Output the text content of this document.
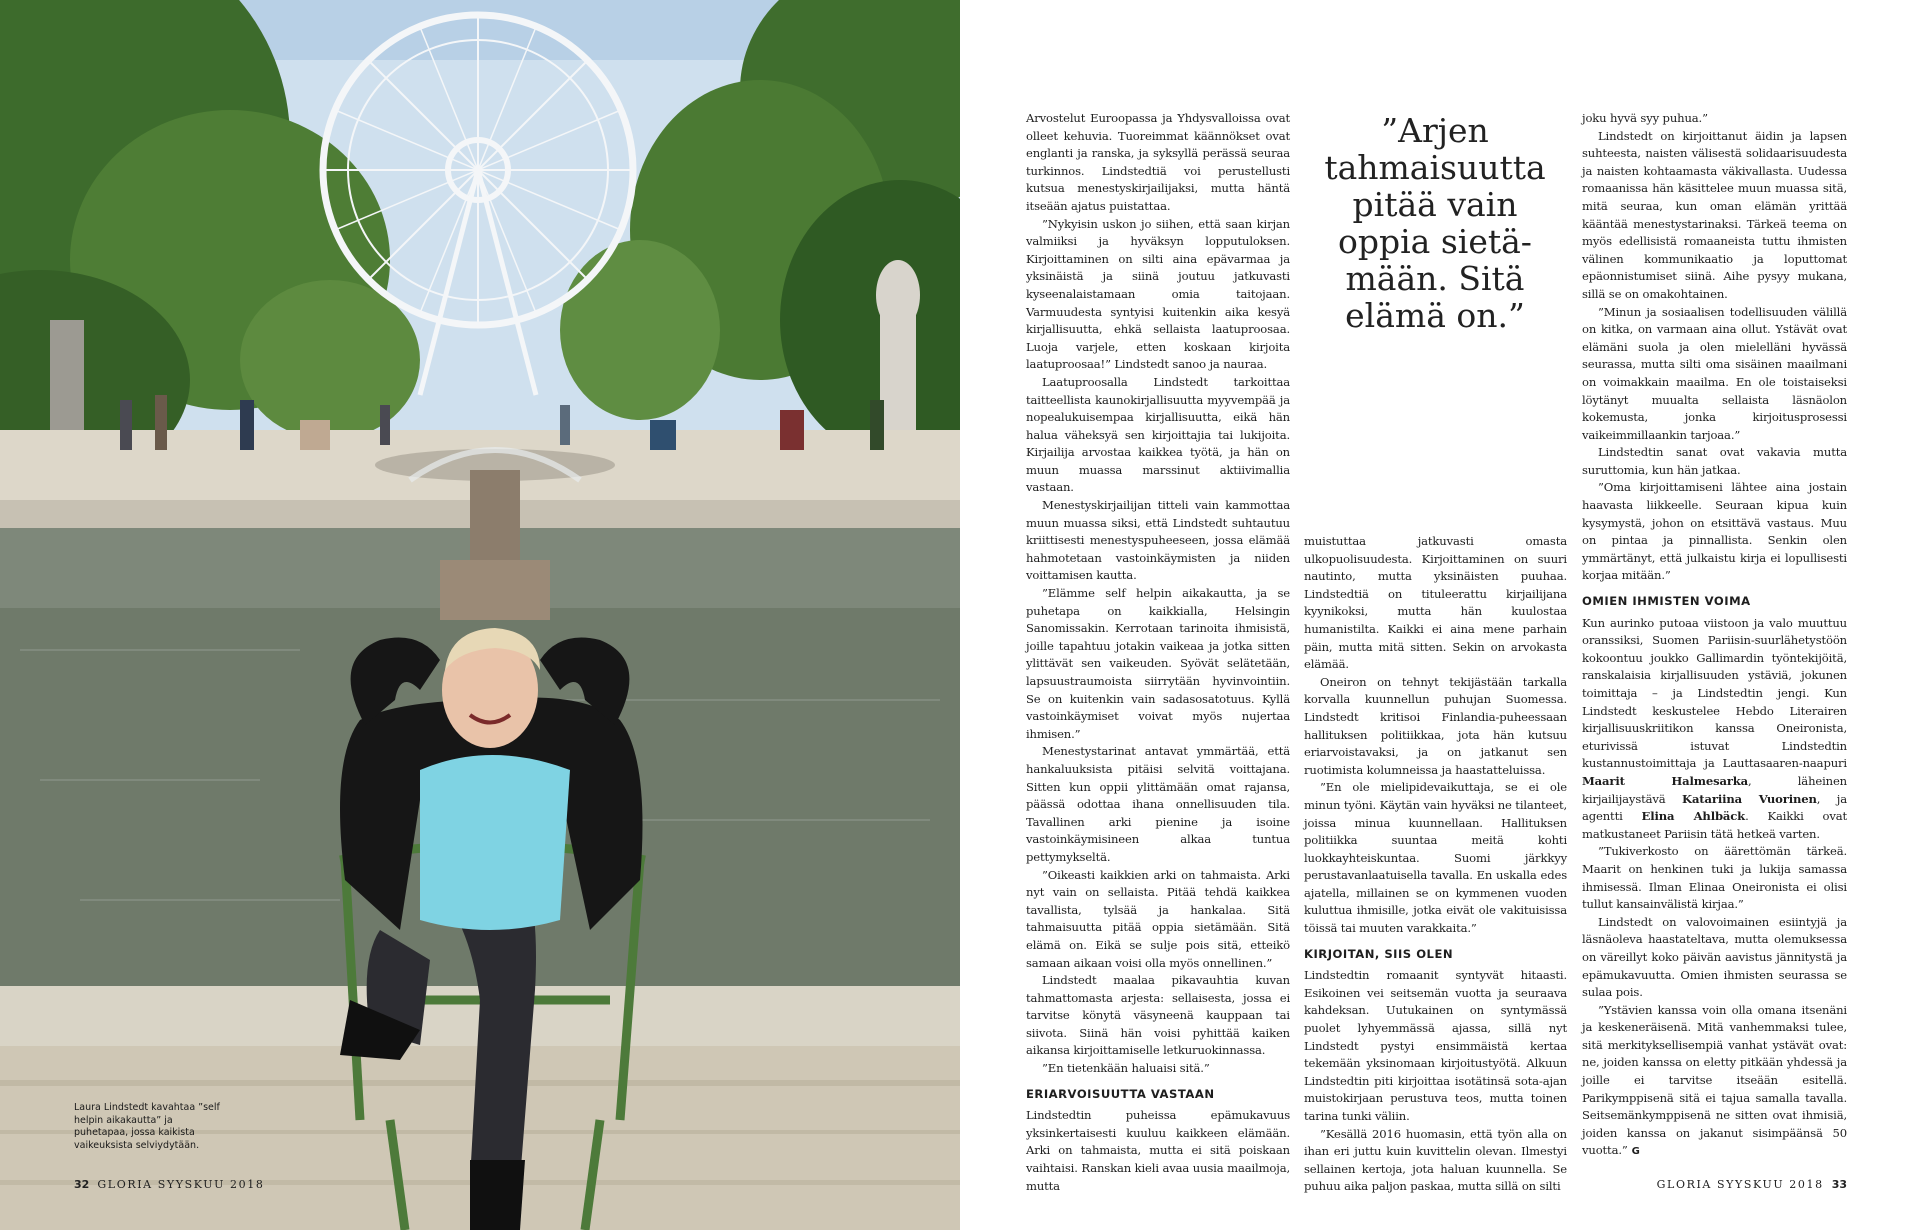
Laura Lindstedt kavahtaa ”self helpin aikakautta” ja puhetapaa, jossa kaikista vaikeuksista selviydytään.
32 GLORIA SYYSKUU 2018

Arvostelut Euroopassa ja Yhdysvalloissa ovat olleet kehuvia. Tuoreimmat käännökset ovat englanti ja ranska, ja syksyllä perässä seuraa turkinnos. Lindstedtiä voi perustellusti kutsua menestyskirjailijaksi, mutta häntä itseään ajatus puistattaa.

”Nykyisin uskon jo siihen, että saan kirjan valmiiksi ja hyväksyn lopputuloksen. Kirjoittaminen on silti aina epävarmaa ja yksinäistä ja siinä joutuu jatkuvasti kyseenalaistamaan omia taitojaan. Varmuudesta syntyisi kuitenkin aika kesyä kirjallisuutta, ehkä sellaista laatuproosaa. Luoja varjele, etten koskaan kirjoita laatuproosaa!” Lindstedt sanoo ja nauraa.

Laatuproosalla Lindstedt tarkoittaa taitteellista kaunokirjallisuutta myyvempää ja nopealukuisempaa kirjallisuutta, eikä hän halua väheksyä sen kirjoittajia tai lukijoita. Kirjailija arvostaa kaikkea työtä, ja hän on muun muassa marssinut aktiivimallia vastaan.

Menestyskirjailijan titteli vain kammottaa muun muassa siksi, että Lindstedt suhtautuu kriittisesti menestyspuheeseen, jossa elämää hahmotetaan vastoinkäymisten ja niiden voittamisen kautta.

”Elämme self helpin aikakautta, ja se puhetapa on kaikkialla, Helsingin Sanomissakin. Kerrotaan tarinoita ihmisistä, joille tapahtuu jotakin vaikeaa ja jotka sitten ylittävät sen vaikeuden. Syövät selätetään, lapsuustraumoista siirrytään hyvinvointiin. Se on kuitenkin vain sadasosatotuus. Kyllä vastoinkäymiset voivat myös nujertaa ihmisen.”

Menestystarinat antavat ymmärtää, että hankaluuksista pitäisi selvitä voittajana. Sitten kun oppii ylittämään omat rajansa, päässä odottaa ihana onnellisuuden tila. Tavallinen arki pienine ja isoine vastoinkäymisineen alkaa tuntua pettymykseltä.

”Oikeasti kaikkien arki on tahmaista. Arki nyt vain on sellaista. Pitää tehdä kaikkea tavallista, tylsää ja hankalaa. Sitä tahmaisuutta pitää oppia sietämään. Sitä elämä on. Eikä se sulje pois sitä, etteikö samaan aikaan voisi olla myös onnellinen.”

Lindstedt maalaa pikavauhtia kuvan tahmattomasta arjesta: sellaisesta, jossa ei tarvitse könytä väsyneenä kauppaan tai siivota. Siinä hän voisi pyhittää kaiken aikansa kirjoittamiselle letkuruokinnassa.

”En tietenkään haluaisi sitä.”

ERIARVOISUUTTA VASTAAN

Lindstedtin puheissa epämukavuus yksinkertaisesti kuuluu kaikkeen elämään. Arki on tahmaista, mutta ei sitä poiskaan vaihtaisi. Ranskan kieli avaa uusia maailmoja, mutta

”Arjen tahmaisuutta pitää vain oppia sietä-mään. Sitä elämä on.”

muistuttaa jatkuvasti omasta ulkopuolisuudesta. Kirjoittaminen on suuri nautinto, mutta yksinäisten puuhaa. Lindstedtiä on tituleerattu kirjailijana kyynikoksi, mutta hän kuulostaa humanistilta. Kaikki ei aina mene parhain päin, mutta mitä sitten. Sekin on arvokasta elämää.

Oneiron on tehnyt tekijästään tarkalla korvalla kuunnellun puhujan Suomessa. Lindstedt kritisoi Finlandia-puheessaan hallituksen politiikkaa, jota hän kutsuu eriarvoistavaksi, ja on jatkanut sen ruotimista kolumneissa ja haastatteluissa.

”En ole mielipidevaikuttaja, se ei ole minun työni. Käytän vain hyväksi ne tilanteet, joissa minua kuunnellaan. Hallituksen politiikka suuntaa meitä kohti luokkayhteiskuntaa. Suomi järkkyy perustavanlaatuisella tavalla. En uskalla edes ajatella, millainen se on kymmenen vuoden kuluttua ihmisille, jotka eivät ole vakituisissa töissä tai muuten varakkaita.”

KIRJOITAN, SIIS OLEN

Lindstedtin romaanit syntyvät hitaasti. Esikoinen vei seitsemän vuotta ja seuraava kahdeksan. Uutukainen on syntymässä puolet lyhyemmässä ajassa, sillä nyt Lindstedt pystyi ensimmäistä kertaa tekemään yksinomaan kirjoitustyötä. Alkuun Lindstedtin piti kirjoittaa isotätinsä sota-ajan muistokirjaan perustuva teos, mutta toinen tarina tunki väliin.

”Kesällä 2016 huomasin, että työn alla on ihan eri juttu kuin kuvittelin olevan. Ilmestyi sellainen kertoja, jota haluan kuunnella. Se puhuu aika paljon paskaa, mutta sillä on silti

joku hyvä syy puhua.”

Lindstedt on kirjoittanut äidin ja lapsen suhteesta, naisten välisestä solidaarisuudesta ja naisten kohtaamasta väkivallasta. Uudessa romaanissa hän käsittelee muun muassa sitä, mitä seuraa, kun oman elämän yrittää kääntää menestystarinaksi. Tärkeä teema on myös edellisistä romaaneista tuttu ihmisten välinen kommunikaatio ja loputtomat epäonnistumiset siinä. Aihe pysyy mukana, sillä se on omakohtainen.

”Minun ja sosiaalisen todellisuuden välillä on kitka, on varmaan aina ollut. Ystävät ovat elämäni suola ja olen mielelläni hyvässä seurassa, mutta silti oma sisäinen maailmani on voimakkain maailma. En ole toistaiseksi löytänyt muualta sellaista läsnäolon kokemusta, jonka kirjoitusprosessi vaikeimmillaankin tarjoaa.”

Lindstedtin sanat ovat vakavia mutta suruttomia, kun hän jatkaa.

”Oma kirjoittamiseni lähtee aina jostain haavasta liikkeelle. Seuraan kipua kuin kysymystä, johon on etsittävä vastaus. Muu on pintaa ja pinnallista. Senkin olen ymmärtänyt, että julkaistu kirja ei lopullisesti korjaa mitään.”

OMIEN IHMISTEN VOIMA

Kun aurinko putoaa viistoon ja valo muuttuu oranssiksi, Suomen Pariisin-suurlähetystöön kokoontuu joukko Gallimardin työntekijöitä, ranskalaisia kirjallisuuden ystäviä, jokunen toimittaja – ja Lindstedtin jengi. Kun Lindstedt keskustelee Hebdo Literairen kirjallisuuskriitikon kanssa Oneironista, eturivissä istuvat Lindstedtin kustannustoimittaja ja Lauttasaaren-naapuri Maarit Halmesarka, läheinen kirjailijaystävä Katariina Vuorinen, ja agentti Elina Ahlbäck. Kaikki ovat matkustaneet Pariisin tätä hetkeä varten.

”Tukiverkosto on äärettömän tärkeä. Maarit on henkinen tuki ja lukija samassa ihmisessä. Ilman Elinaa Oneironista ei olisi tullut kansainvälistä kirjaa.”

Lindstedt on valovoimainen esiintyjä ja läsnäoleva haastateltava, mutta olemuksessa on väreillyt koko päivän aavistus jännitystä ja epämukavuutta. Omien ihmisten seurassa se sulaa pois.

”Ystävien kanssa voin olla omana itsenäni ja keskeneräisenä. Mitä vanhemmaksi tulee, sitä merkityksellisempiä vanhat ystävät ovat: ne, joiden kanssa on eletty pitkään yhdessä ja joille ei tarvitse itseään esitellä. Parikymppisenä sitä ei tajua samalla tavalla. Seitsemänkymppisenä ne sitten ovat ihmisiä, joiden kanssa on jakanut sisimpäänsä 50 vuotta.” G

GLORIA SYYSKUU 2018 33
